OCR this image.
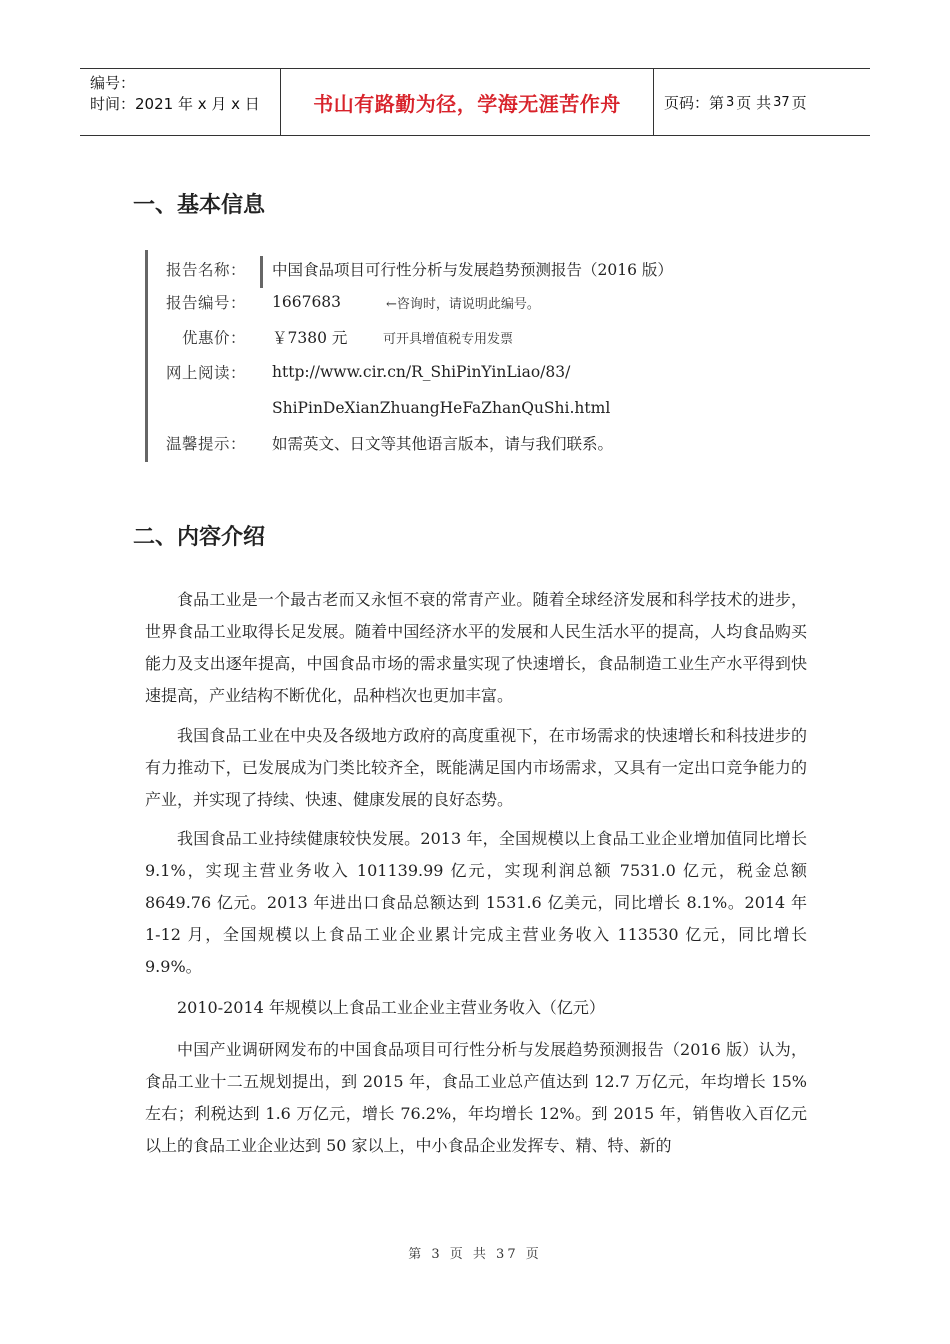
编号：
时间：2021 年 x 月 x 日	书山有路勤为径，学海无涯苦作舟	页码：第 3 页 共 37 页
一、基本信息
报告名称： 中国食品项目可行性分析与发展趋势预测报告（2016 版）
报告编号： 1667683	←咨询时，请说明此编号。
优惠价： ￥7380 元	可开具增值税专用发票
网上阅读： http://www.cir.cn/R_ShiPinYinLiao/83/
ShiPinDeXianZhuangHeFaZhanQuShi.html
温馨提示： 如需英文、日文等其他语言版本，请与我们联系。
二、内容介绍

食品工业是一个最古老而又永恒不衰的常青产业。随着全球经济发展和科学技术的进步，世界食品工业取得长足发展。随着中国经济水平的发展和人民生活水平的提高，人均食品购买能力及支出逐年提高，中国食品市场的需求量实现了快速增长，食品制造工业生产水平得到快速提高，产业结构不断优化，品种档次也更加丰富。

我国食品工业在中央及各级地方政府的高度重视下，在市场需求的快速增长和科技进步的有力推动下，已发展成为门类比较齐全，既能满足国内市场需求，又具有一定出口竞争能力的产业，并实现了持续、快速、健康发展的良好态势。

我国食品工业持续健康较快发展。2013 年，全国规模以上食品工业企业增加值同比增长 9.1%，实现主营业务收入 101139.99 亿元，实现利润总额 7531.0 亿元，税金总额 8649.76 亿元。2013 年进出口食品总额达到 1531.6 亿美元，同比增长 8.1%。2014 年 1-12 月，全国规模以上食品工业企业累计完成主营业务收入 113530 亿元，同比增长 9.9%。

2010-2014 年规模以上食品工业企业主营业务收入（亿元）

中国产业调研网发布的中国食品项目可行性分析与发展趋势预测报告（2016 版）认为，食品工业十二五规划提出，到 2015 年，食品工业总产值达到 12.7 万亿元，年均增长 15%左右；利税达到 1.6 万亿元，增长 76.2%，年均增长 12%。到 2015 年，销售收入百亿元以上的食品工业企业达到 50 家以上，中小食品企业发挥专、精、特、新的

第 3 页 共 37 页
